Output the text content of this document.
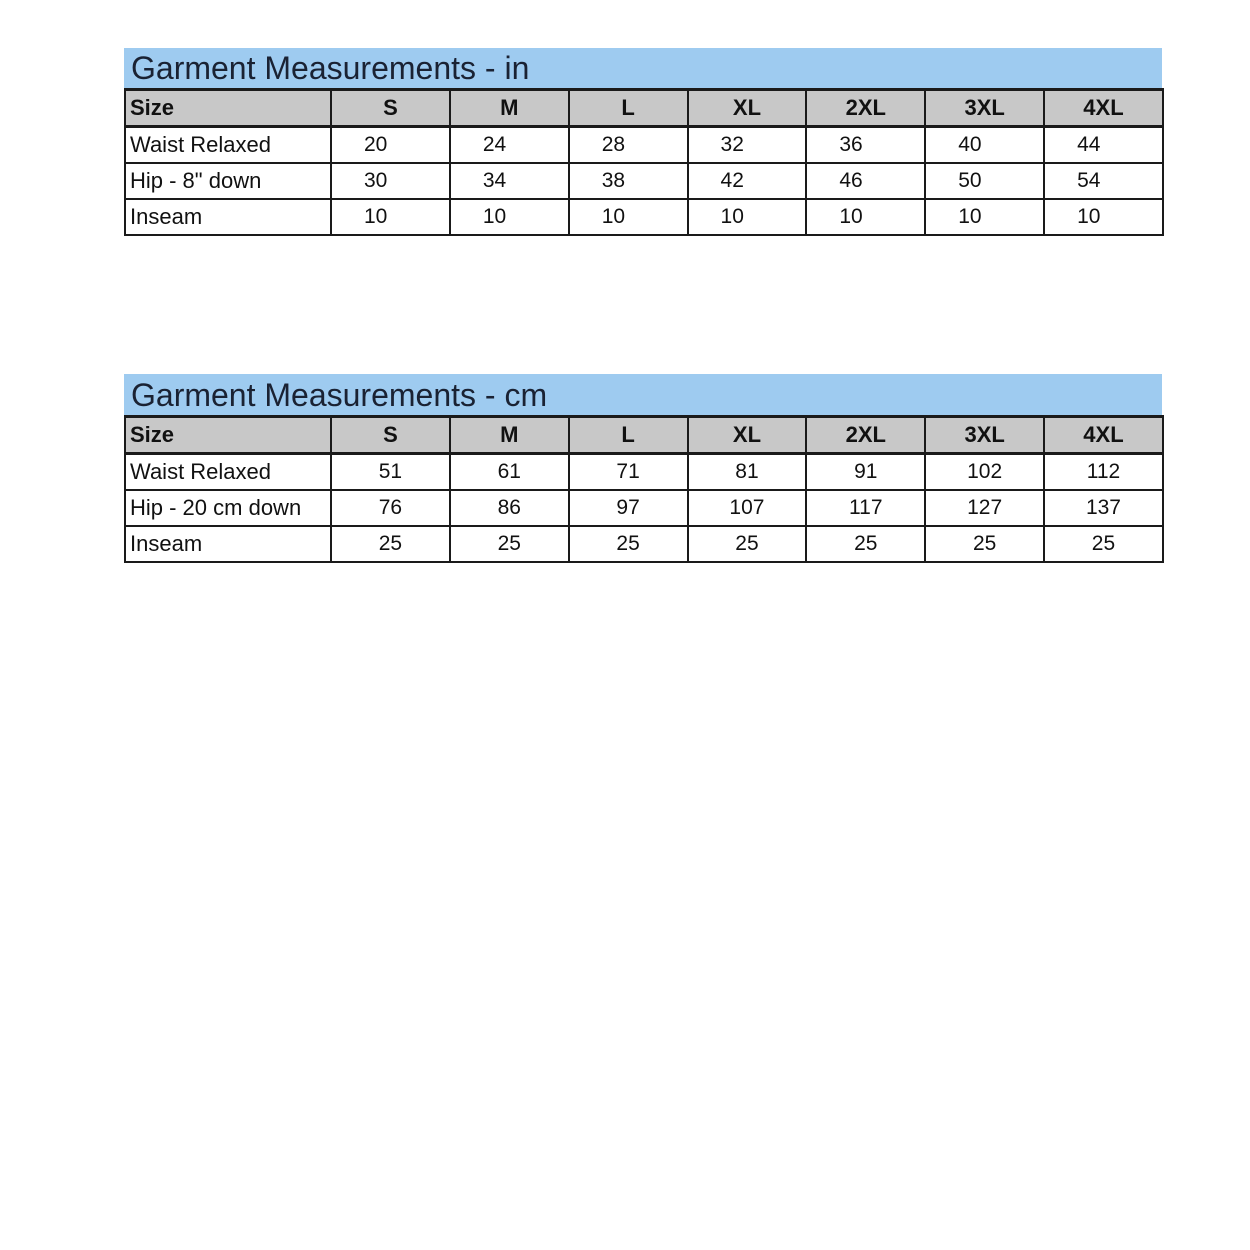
Garment Measurements - in
Size	S	M	L	XL	2XL	3XL	4XL
Waist Relaxed	20	24	28	32	36	40	44
Hip - 8" down	30	34	38	42	46	50	54
Inseam	10	10	10	10	10	10	10
Garment Measurements - cm
Size	S	M	L	XL	2XL	3XL	4XL
Waist Relaxed	51	61	71	81	91	102	112
Hip - 20 cm down	76	86	97	107	117	127	137
Inseam	25	25	25	25	25	25	25
